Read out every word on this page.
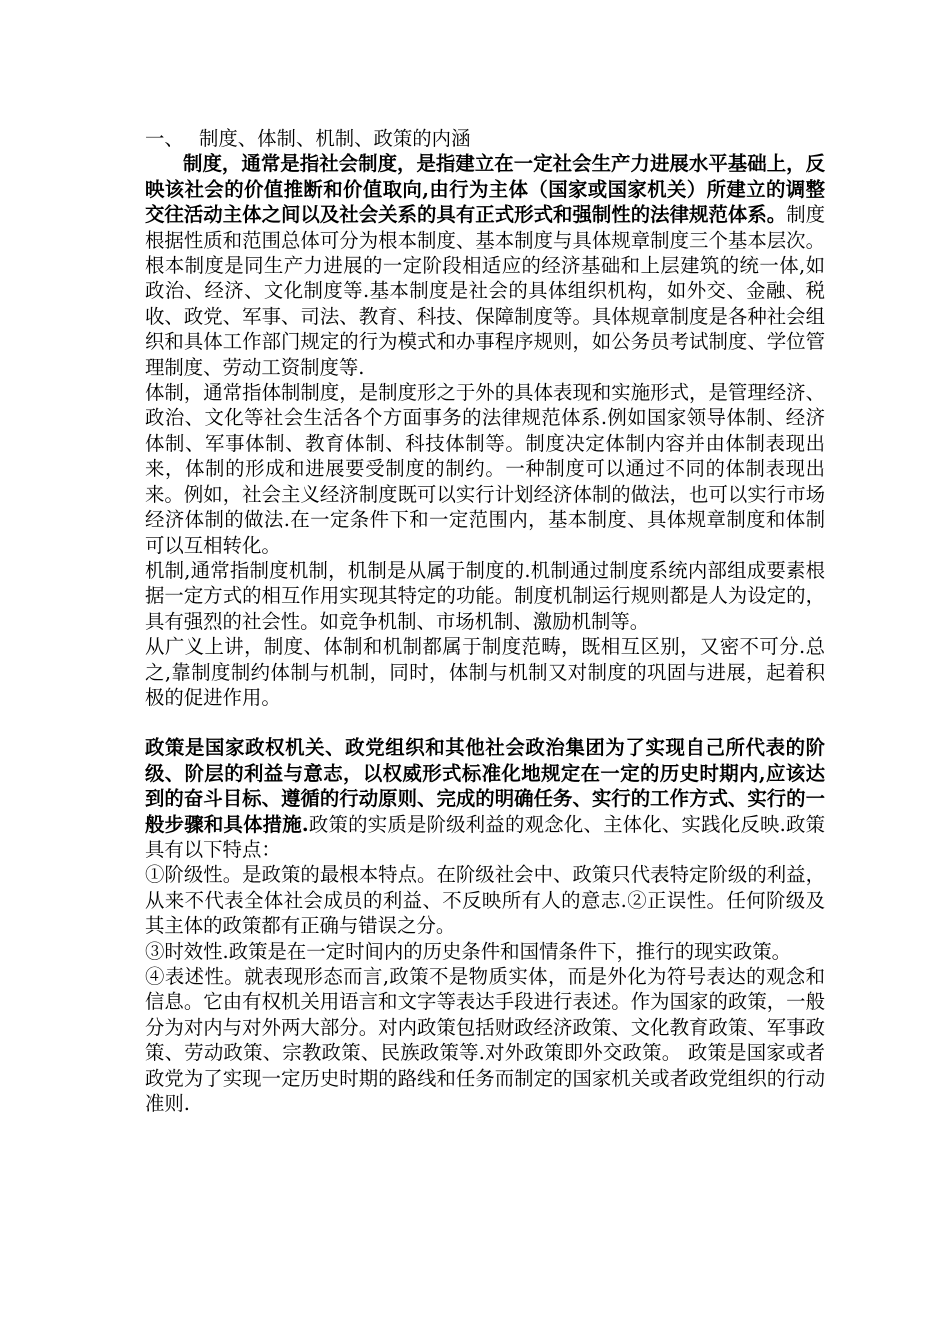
一、 制度、体制、机制、政策的内涵

制度，通常是指社会制度，是指建立在一定社会生产力进展水平基础上，反映该社会的价值推断和价值取向,由行为主体（国家或国家机关）所建立的调整交往活动主体之间以及社会关系的具有正式形式和强制性的法律规范体系。制度根据性质和范围总体可分为根本制度、基本制度与具体规章制度三个基本层次。根本制度是同生产力进展的一定阶段相适应的经济基础和上层建筑的统一体,如政治、经济、文化制度等.基本制度是社会的具体组织机构，如外交、金融、税收、政党、军事、司法、教育、科技、保障制度等。具体规章制度是各种社会组织和具体工作部门规定的行为模式和办事程序规则，如公务员考试制度、学位管理制度、劳动工资制度等.

体制，通常指体制制度，是制度形之于外的具体表现和实施形式，是管理经济、政治、文化等社会生活各个方面事务的法律规范体系.例如国家领导体制、经济体制、军事体制、教育体制、科技体制等。制度决定体制内容并由体制表现出来，体制的形成和进展要受制度的制约。一种制度可以通过不同的体制表现出来。例如，社会主义经济制度既可以实行计划经济体制的做法，也可以实行市场经济体制的做法.在一定条件下和一定范围内，基本制度、具体规章制度和体制可以互相转化。

机制,通常指制度机制，机制是从属于制度的.机制通过制度系统内部组成要素根据一定方式的相互作用实现其特定的功能。制度机制运行规则都是人为设定的，具有强烈的社会性。如竞争机制、市场机制、激励机制等。

从广义上讲，制度、体制和机制都属于制度范畴，既相互区别，又密不可分.总之,靠制度制约体制与机制，同时，体制与机制又对制度的巩固与进展，起着积极的促进作用。

政策是国家政权机关、政党组织和其他社会政治集团为了实现自己所代表的阶级、阶层的利益与意志，以权威形式标准化地规定在一定的历史时期内,应该达到的奋斗目标、遵循的行动原则、完成的明确任务、实行的工作方式、实行的一般步骤和具体措施.政策的实质是阶级利益的观念化、主体化、实践化反映.政策具有以下特点：

①阶级性。是政策的最根本特点。在阶级社会中、政策只代表特定阶级的利益，从来不代表全体社会成员的利益、不反映所有人的意志.②正误性。任何阶级及其主体的政策都有正确与错误之分。

③时效性.政策是在一定时间内的历史条件和国情条件下，推行的现实政策。

④表述性。就表现形态而言,政策不是物质实体，而是外化为符号表达的观念和信息。它由有权机关用语言和文字等表达手段进行表述。作为国家的政策，一般分为对内与对外两大部分。对内政策包括财政经济政策、文化教育政策、军事政策、劳动政策、宗教政策、民族政策等.对外政策即外交政策。 政策是国家或者政党为了实现一定历史时期的路线和任务而制定的国家机关或者政党组织的行动准则.
